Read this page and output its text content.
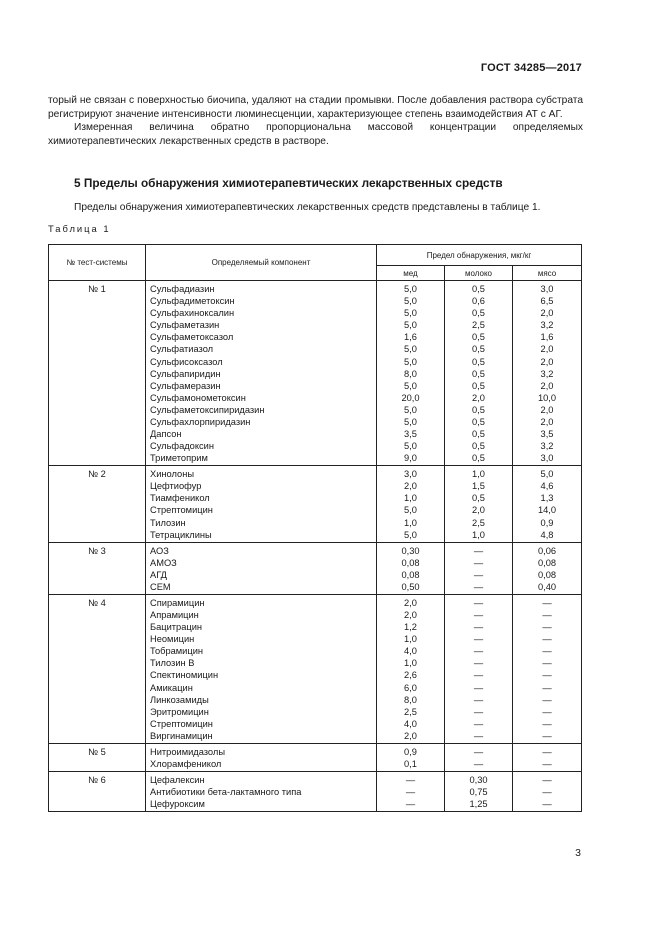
ГОСТ 34285—2017

торый не связан с поверхностью биочипа, удаляют на стадии промывки. После добавления раствора субстрата регистрируют значение интенсивности люминесценции, характеризующее степень взаимодействия АТ с АГ.

Измеренная величина обратно пропорциональна массовой концентрации определяемых химиотерапевтических лекарственных средств в растворе.

5 Пределы обнаружения химиотерапевтических лекарственных средств

Пределы обнаружения химиотерапевтических лекарственных средств представлены в таблице 1.

Таблица 1

№ тест-системы	Определяемый компонент	Предел обнаружения, мкг/кг		
		мед	молоко	мясо
№ 1	Сульфадиазин	5,0	0,5	3,0
	Сульфадиметоксин	5,0	0,6	6,5
	Сульфахиноксалин	5,0	0,5	2,0
	Сульфаметазин	5,0	2,5	3,2
	Сульфаметоксазол	1,6	0,5	1,6
	Сульфатиазол	5,0	0,5	2,0
	Сульфисоксазол	5,0	0,5	2,0
	Сульфапиридин	8,0	0,5	3,2
	Сульфамеразин	5,0	0,5	2,0
	Сульфамонометоксин	20,0	2,0	10,0
	Сульфаметоксипиридазин	5,0	0,5	2,0
	Сульфахлорпиридазин	5,0	0,5	2,0
	Дапсон	3,5	0,5	3,5
	Сульфадоксин	5,0	0,5	3,2
	Триметоприм	9,0	0,5	3,0
№ 2	Хинолоны	3,0	1,0	5,0
	Цефтиофур	2,0	1,5	4,6
	Тиамфеникол	1,0	0,5	1,3
	Стрептомицин	5,0	2,0	14,0
	Тилозин	1,0	2,5	0,9
	Тетрациклины	5,0	1,0	4,8
№ 3	АОЗ	0,30	—	0,06
	АМОЗ	0,08	—	0,08
	АГД	0,08	—	0,08
	СЕМ	0,50	—	0,40
№ 4	Спирамицин	2,0	—	—
	Апрамицин	2,0	—	—
	Бацитрацин	1,2	—	—
	Неомицин	1,0	—	—
	Тобрамицин	4,0	—	—
	Тилозин В	1,0	—	—
	Спектиномицин	2,6	—	—
	Амикацин	6,0	—	—
	Линкозамиды	8,0	—	—
	Эритромицин	2,5	—	—
	Стрептомицин	4,0	—	—
	Виргинамицин	2,0	—	—
№ 5	Нитроимидазолы	0,9	—	—
	Хлорамфеникол	0,1	—	—
№ 6	Цефалексин	—	0,30	—
	Антибиотики бета-лактамного типа	—	0,75	—
	Цефуроксим	—	1,25	—
3
